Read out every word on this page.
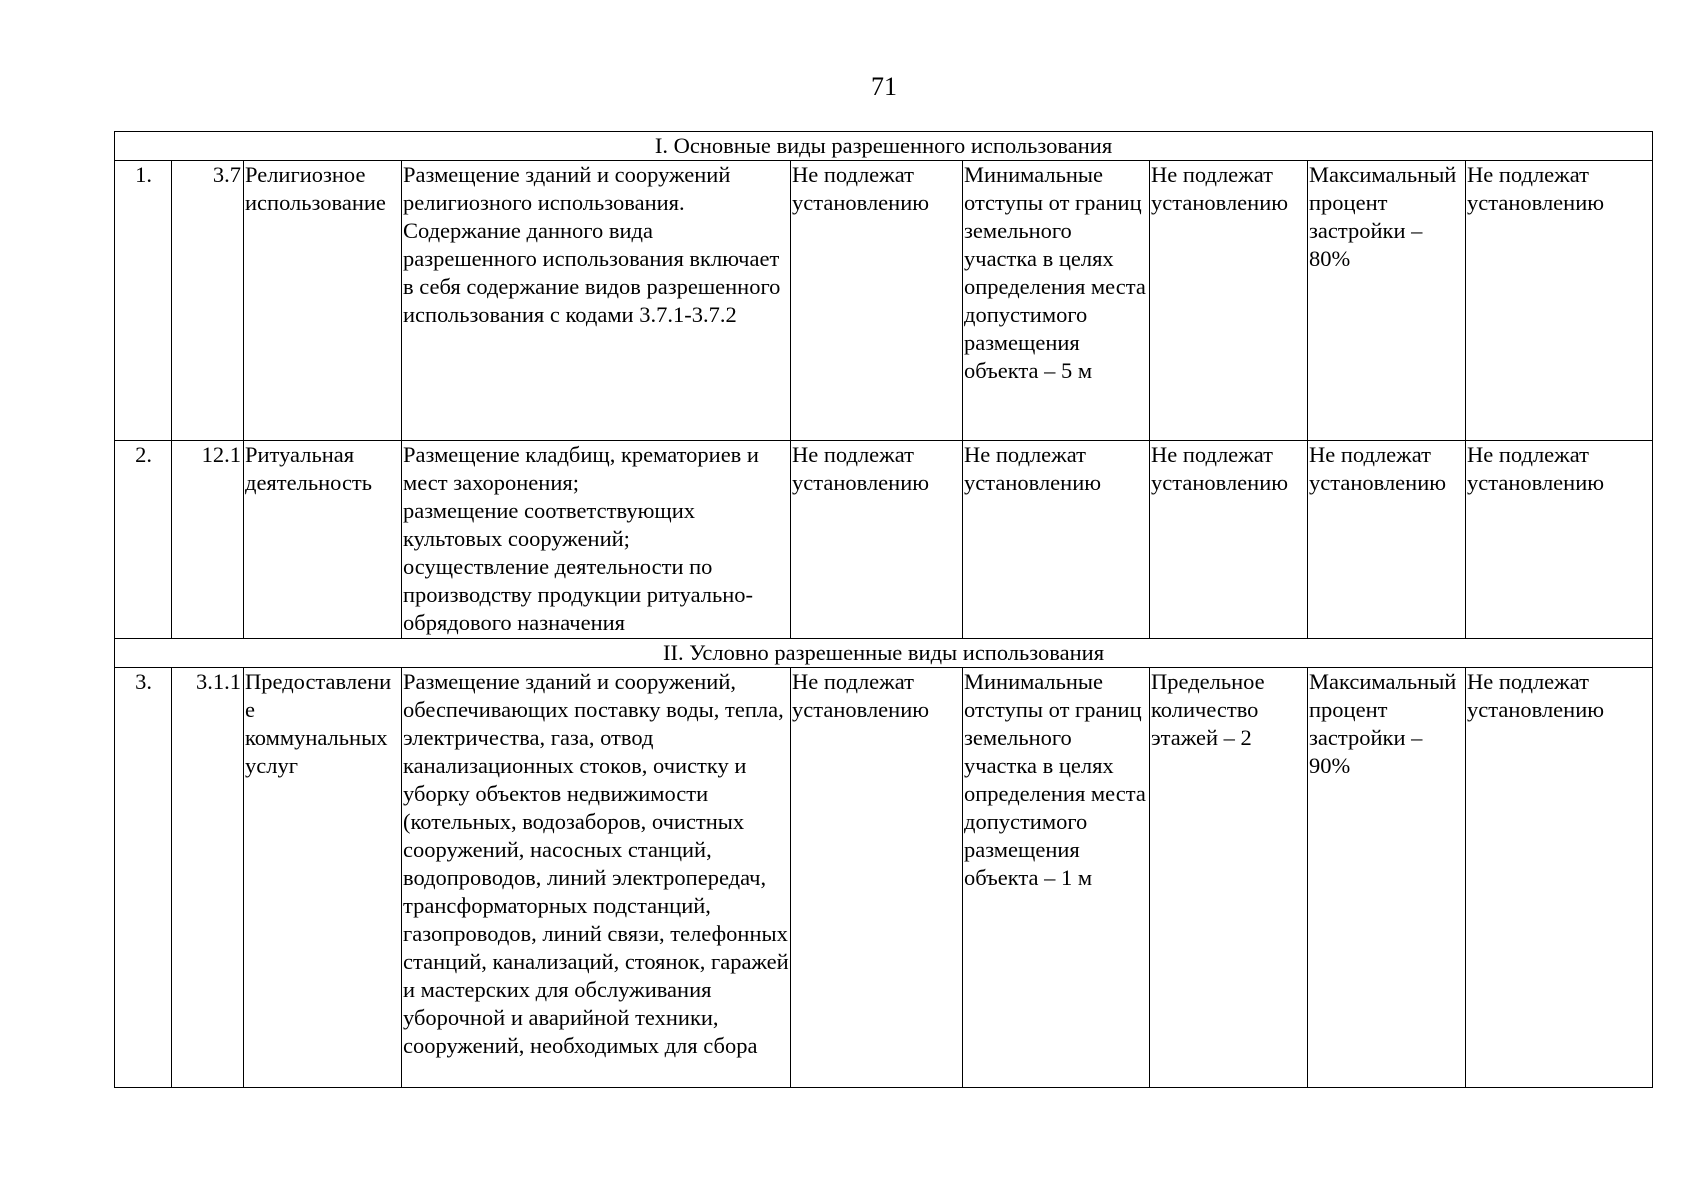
71
I. Основные виды разрешенного использования								
1.	3.7	Религиозное использование	Размещение зданий и сооружений религиозного использования.
Содержание данного вида разрешенного использования включает в себя содержание видов разрешенного использования с кодами 3.7.1-3.7.2	Не подлежат установлению	Минимальные отступы от границ земельного участка в целях определения места допустимого размещения объекта – 5 м	Не подлежат установлению	Максимальный процент застройки – 80%	Не подлежат установлению
2.	12.1	Ритуальная деятельность	Размещение кладбищ, крематориев и мест захоронения;
размещение соответствующих культовых сооружений;
осуществление деятельности по производству продукции ритуально-обрядового назначения	Не подлежат установлению	Не подлежат установлению	Не подлежат установлению	Не подлежат установлению	Не подлежат установлению
II. Условно разрешенные виды использования								
3.	3.1.1	Предоставление коммунальных услуг	Размещение зданий и сооружений, обеспечивающих поставку воды, тепла, электричества, газа, отвод канализационных стоков, очистку и уборку объектов недвижимости (котельных, водозаборов, очистных сооружений, насосных станций, водопроводов, линий электропередач, трансформаторных подстанций, газопроводов, линий связи, телефонных станций, канализаций, стоянок, гаражей и мастерских для обслуживания уборочной и аварийной техники, сооружений, необходимых для сбора	Не подлежат установлению	Минимальные отступы от границ земельного участка в целях определения места допустимого размещения объекта – 1 м	Предельное количество этажей – 2	Максимальный процент застройки – 90%	Не подлежат установлению
